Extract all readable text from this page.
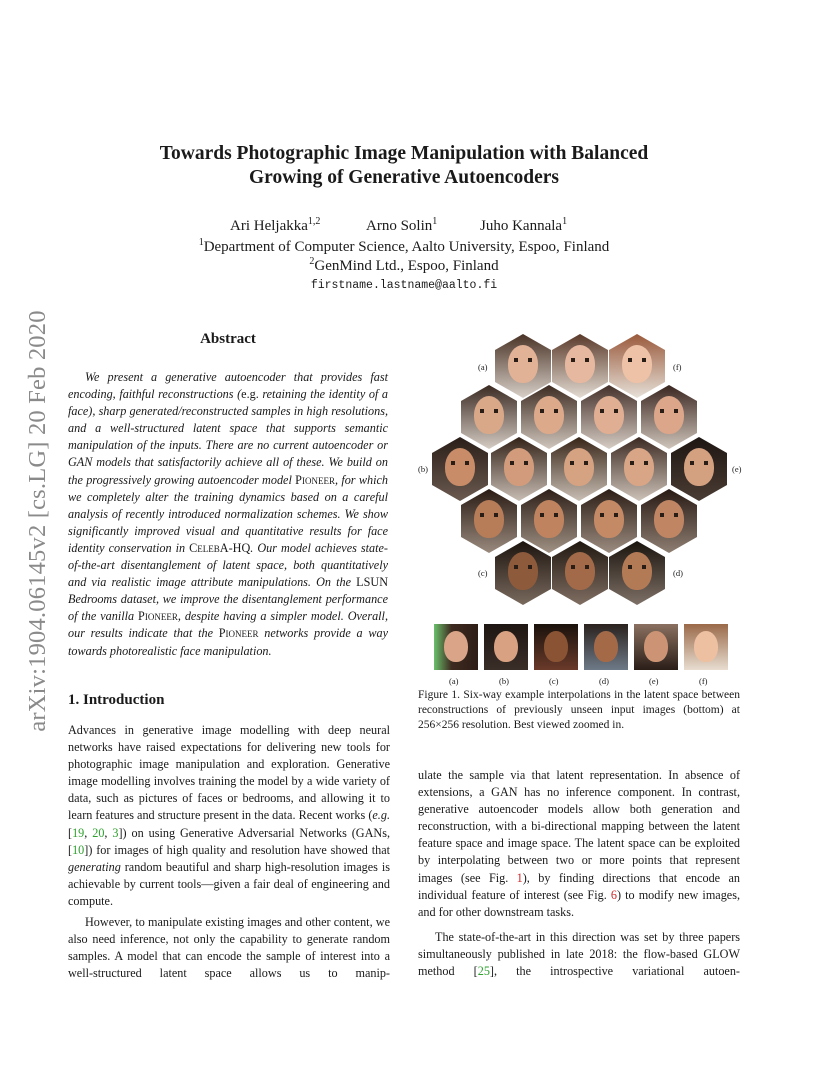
arXiv:1904.06145v2 [cs.LG] 20 Feb 2020
Towards Photographic Image Manipulation with Balanced
Growing of Generative Autoencoders
Ari Heljakka$^{1,2}$	Arno Solin$^1$	Juho Kannala$^1$
$^1$Department of Computer Science, Aalto University, Espoo, Finland
$^2$GenMind Ltd., Espoo, Finland
firstname.lastname@aalto.fi
Abstract
We present a generative autoencoder that provides fast encoding, faithful reconstructions (e.g. retaining the identity of a face), sharp generated/reconstructed samples in high resolutions, and a well-structured latent space that supports semantic manipulation of the inputs. There are no current autoencoder or GAN models that satisfactorily achieve all of these. We build on the progressively growing autoencoder model Pioneer, for which we completely alter the training dynamics based on a careful analysis of recently introduced normalization schemes. We show significantly improved visual and quantitative results for face identity conservation in CelebA-HQ. Our model achieves state-of-the-art disentanglement of latent space, both quantitatively and via realistic image attribute manipulations. On the LSUN Bedrooms dataset, we improve the disentanglement performance of the vanilla Pioneer, despite having a simpler model. Overall, our results indicate that the Pioneer networks provide a way towards photorealistic face manipulation.
1. Introduction

Advances in generative image modelling with deep neural networks have raised expectations for delivering new tools for photographic image manipulation and exploration. Generative image modelling involves training the model by a wide variety of data, such as pictures of faces or bedrooms, and allowing it to learn features and structure present in the data. Recent works (e.g. [19, 20, 3]) on using Generative Adversarial Networks (GANs, [10]) for images of high quality and resolution have showed that generating random beautiful and sharp high-resolution images is achievable by current tools—given a fair deal of engineering and compute.

However, to manipulate existing images and other content, we also need inference, not only the capability to generate random samples. A model that can encode the sample of interest into a well-structured latent space allows us to manip-

ulate the sample via that latent representation. In absence of extensions, a GAN has no inference component. In contrast, generative autoencoder models allow both generation and reconstruction, with a bi-directional mapping between the latent feature space and image space. The latent space can be exploited by interpolating between two or more points that represent images (see Fig. 1), by finding directions that encode an individual feature of interest (see Fig. 6) to modify new images, and for other downstream tasks.

The state-of-the-art in this direction was set by three papers simultaneously published in late 2018: the flow-based GLOW method [25], the introspective variational autoen-

(a)	(f)
(b)	(e)
(c)	(d)
(a)	(b)	(c)	(d)	(e)	(f)
Figure 1. Six-way example interpolations in the latent space between reconstructions of previously unseen input images (bottom) at 256×256 resolution. Best viewed zoomed in.
